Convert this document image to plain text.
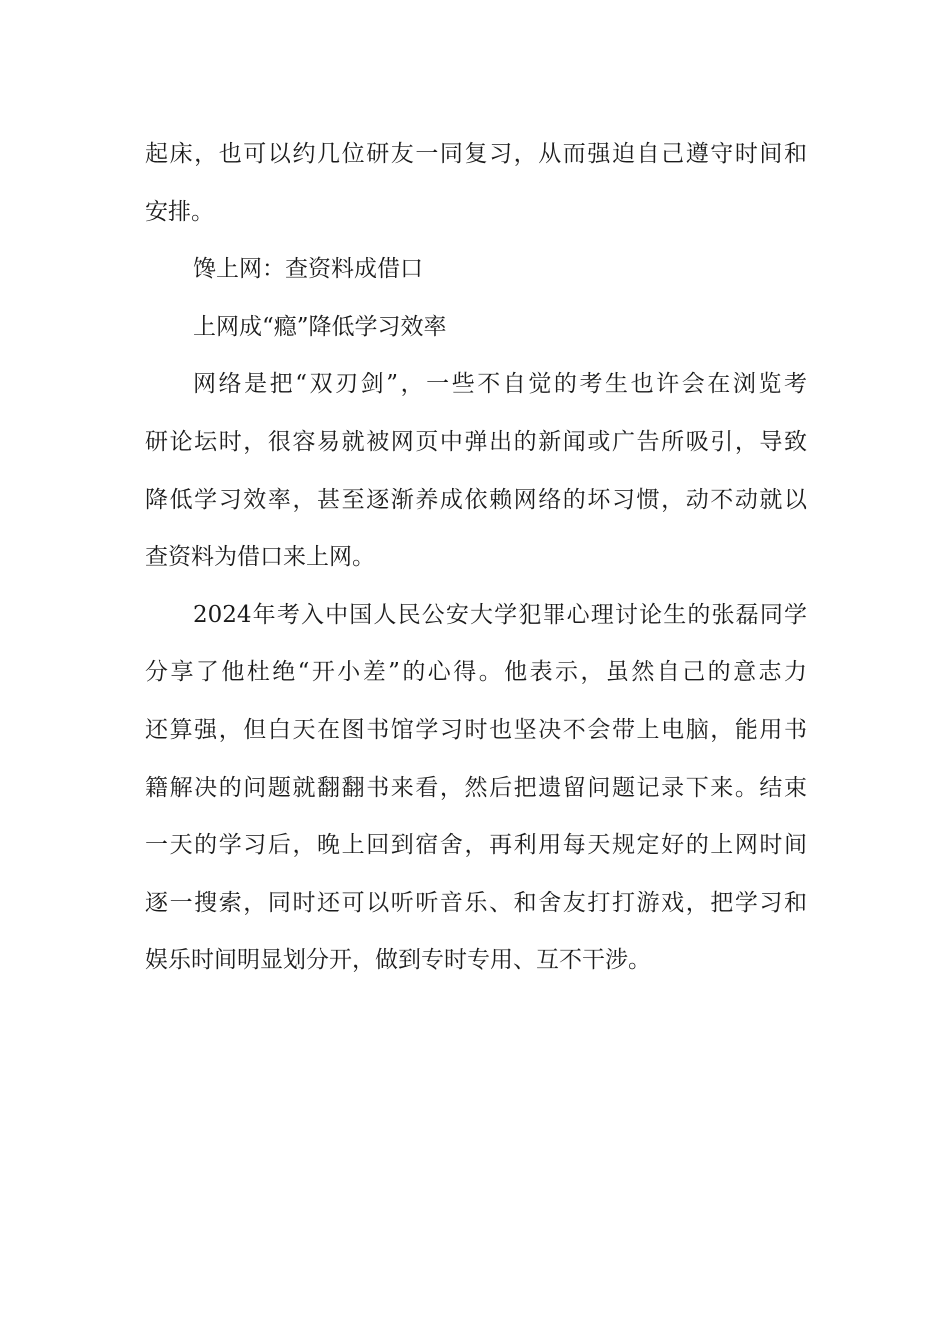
起床，也可以约几位研友一同复习，从而强迫自己遵守时间和
安排。
馋上网：查资料成借口
上网成“瘾”降低学习效率
网络是把“双刃剑”，一些不自觉的考生也许会在浏览考
研论坛时，很容易就被网页中弹出的新闻或广告所吸引，导致
降低学习效率，甚至逐渐养成依赖网络的坏习惯，动不动就以
查资料为借口来上网。
2024年考入中国人民公安大学犯罪心理讨论生的张磊同学
分享了他杜绝“开小差”的心得。他表示，虽然自己的意志力
还算强，但白天在图书馆学习时也坚决不会带上电脑，能用书
籍解决的问题就翻翻书来看，然后把遗留问题记录下来。结束
一天的学习后，晚上回到宿舍，再利用每天规定好的上网时间
逐一搜索，同时还可以听听音乐、和舍友打打游戏，把学习和
娱乐时间明显划分开，做到专时专用、互不干涉。
